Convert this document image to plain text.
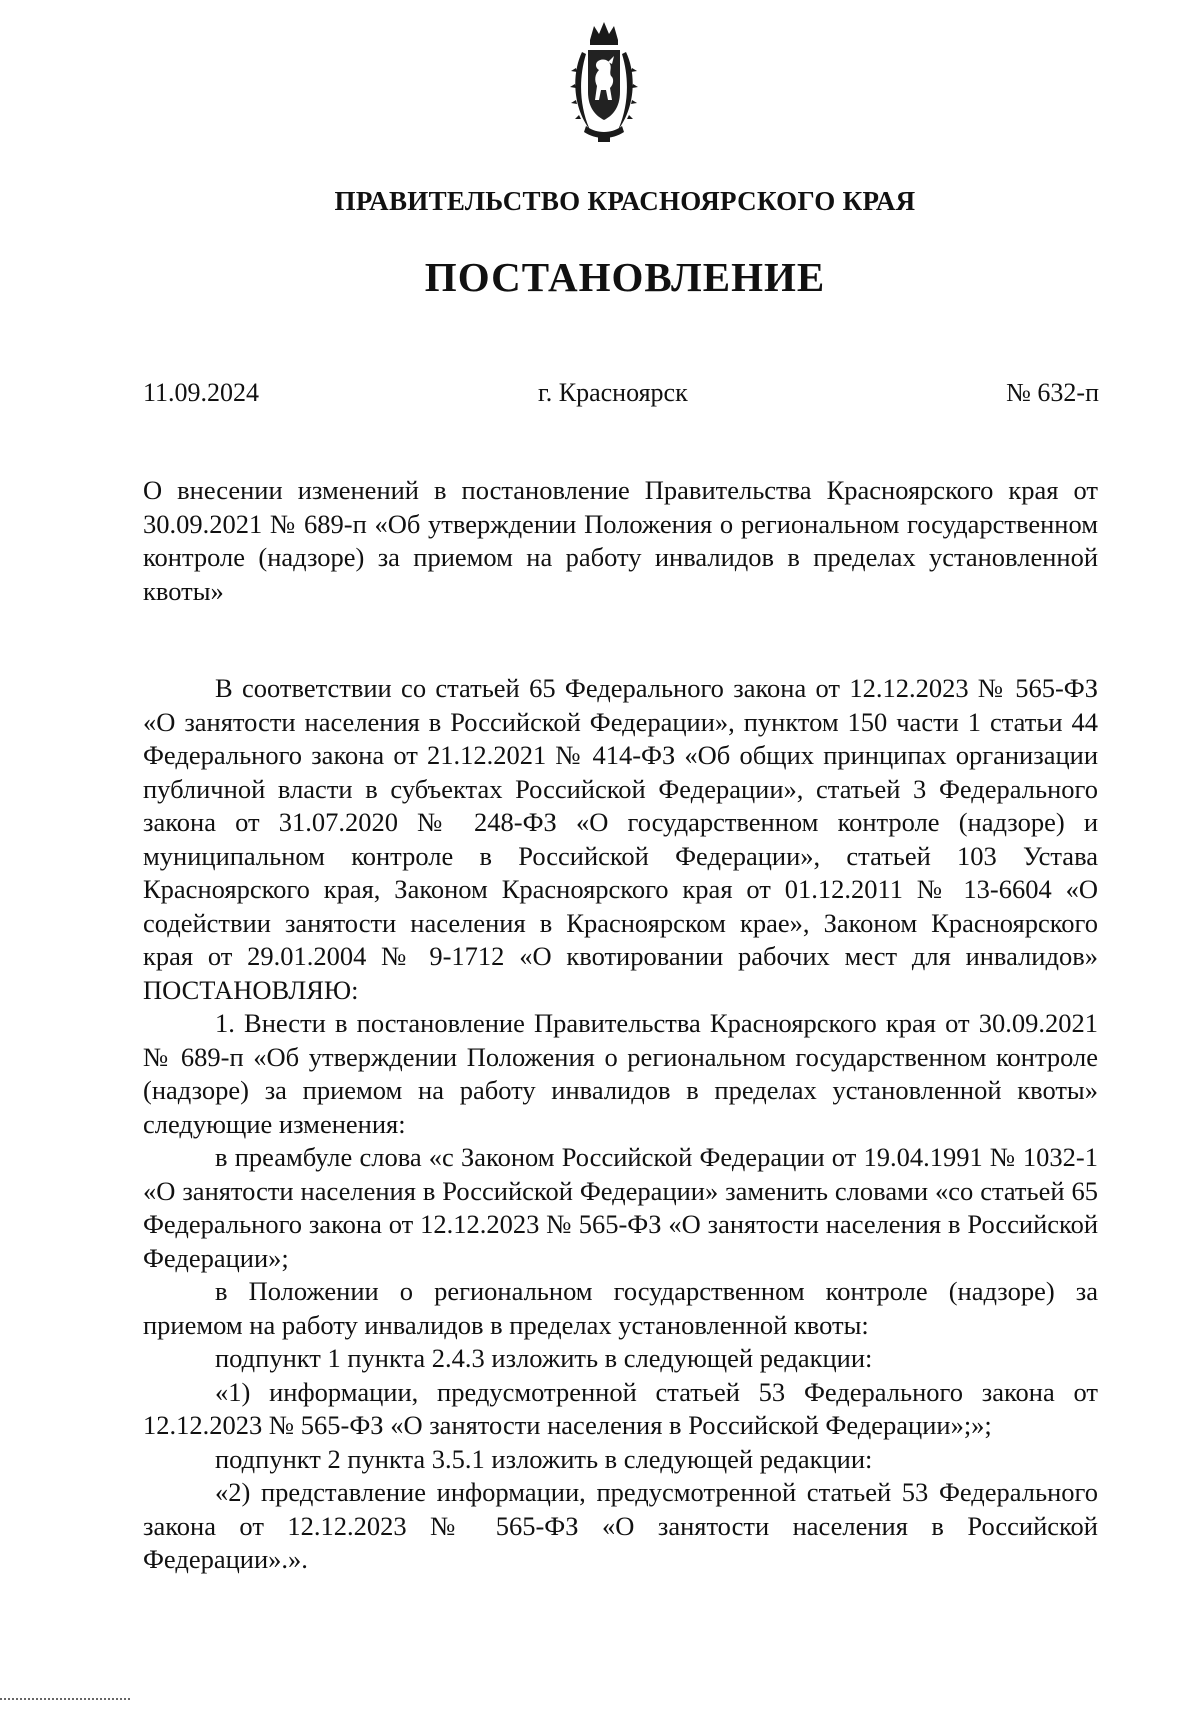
ПРАВИТЕЛЬСТВО КРАСНОЯРСКОГО КРАЯ
ПОСТАНОВЛЕНИЕ
11.09.2024	г. Красноярск	№ 632-п

О внесении изменений в постановление Правительства Красноярского края от 30.09.2021 № 689-п «Об утверждении Положения о региональном государственном контроле (надзоре) за приемом на работу инвалидов в пределах установленной квоты»

В соответствии со статьей 65 Федерального закона от 12.12.2023 № 565-ФЗ «О занятости населения в Российской Федерации», пунктом 150 части 1 статьи 44 Федерального закона от 21.12.2021 № 414-ФЗ «Об общих принципах организации публичной власти в субъектах Российской Федерации», статьей 3 Федерального закона от 31.07.2020 № 248-ФЗ «О государственном контроле (надзоре) и муниципальном контроле в Российской Федерации», статьей 103 Устава Красноярского края, Законом Красноярского края от 01.12.2011 № 13-6604 «О содействии занятости населения в Красноярском крае», Законом Красноярского края от 29.01.2004 № 9-1712 «О квотировании рабочих мест для инвалидов» ПОСТАНОВЛЯЮ:

1. Внести в постановление Правительства Красноярского края от 30.09.2021 № 689-п «Об утверждении Положения о региональном государственном контроле (надзоре) за приемом на работу инвалидов в пределах установленной квоты» следующие изменения:

в преамбуле слова «с Законом Российской Федерации от 19.04.1991 № 1032-1 «О занятости населения в Российской Федерации» заменить словами «со статьей 65 Федерального закона от 12.12.2023 № 565-ФЗ «О занятости населения в Российской Федерации»;

в Положении о региональном государственном контроле (надзоре) за приемом на работу инвалидов в пределах установленной квоты:

подпункт 1 пункта 2.4.3 изложить в следующей редакции:

«1) информации, предусмотренной статьей 53 Федерального закона от 12.12.2023 № 565-ФЗ «О занятости населения в Российской Федерации»;»;

подпункт 2 пункта 3.5.1 изложить в следующей редакции:

«2) представление информации, предусмотренной статьей 53 Федерального закона от 12.12.2023 № 565-ФЗ «О занятости населения в Российской Федерации».».
